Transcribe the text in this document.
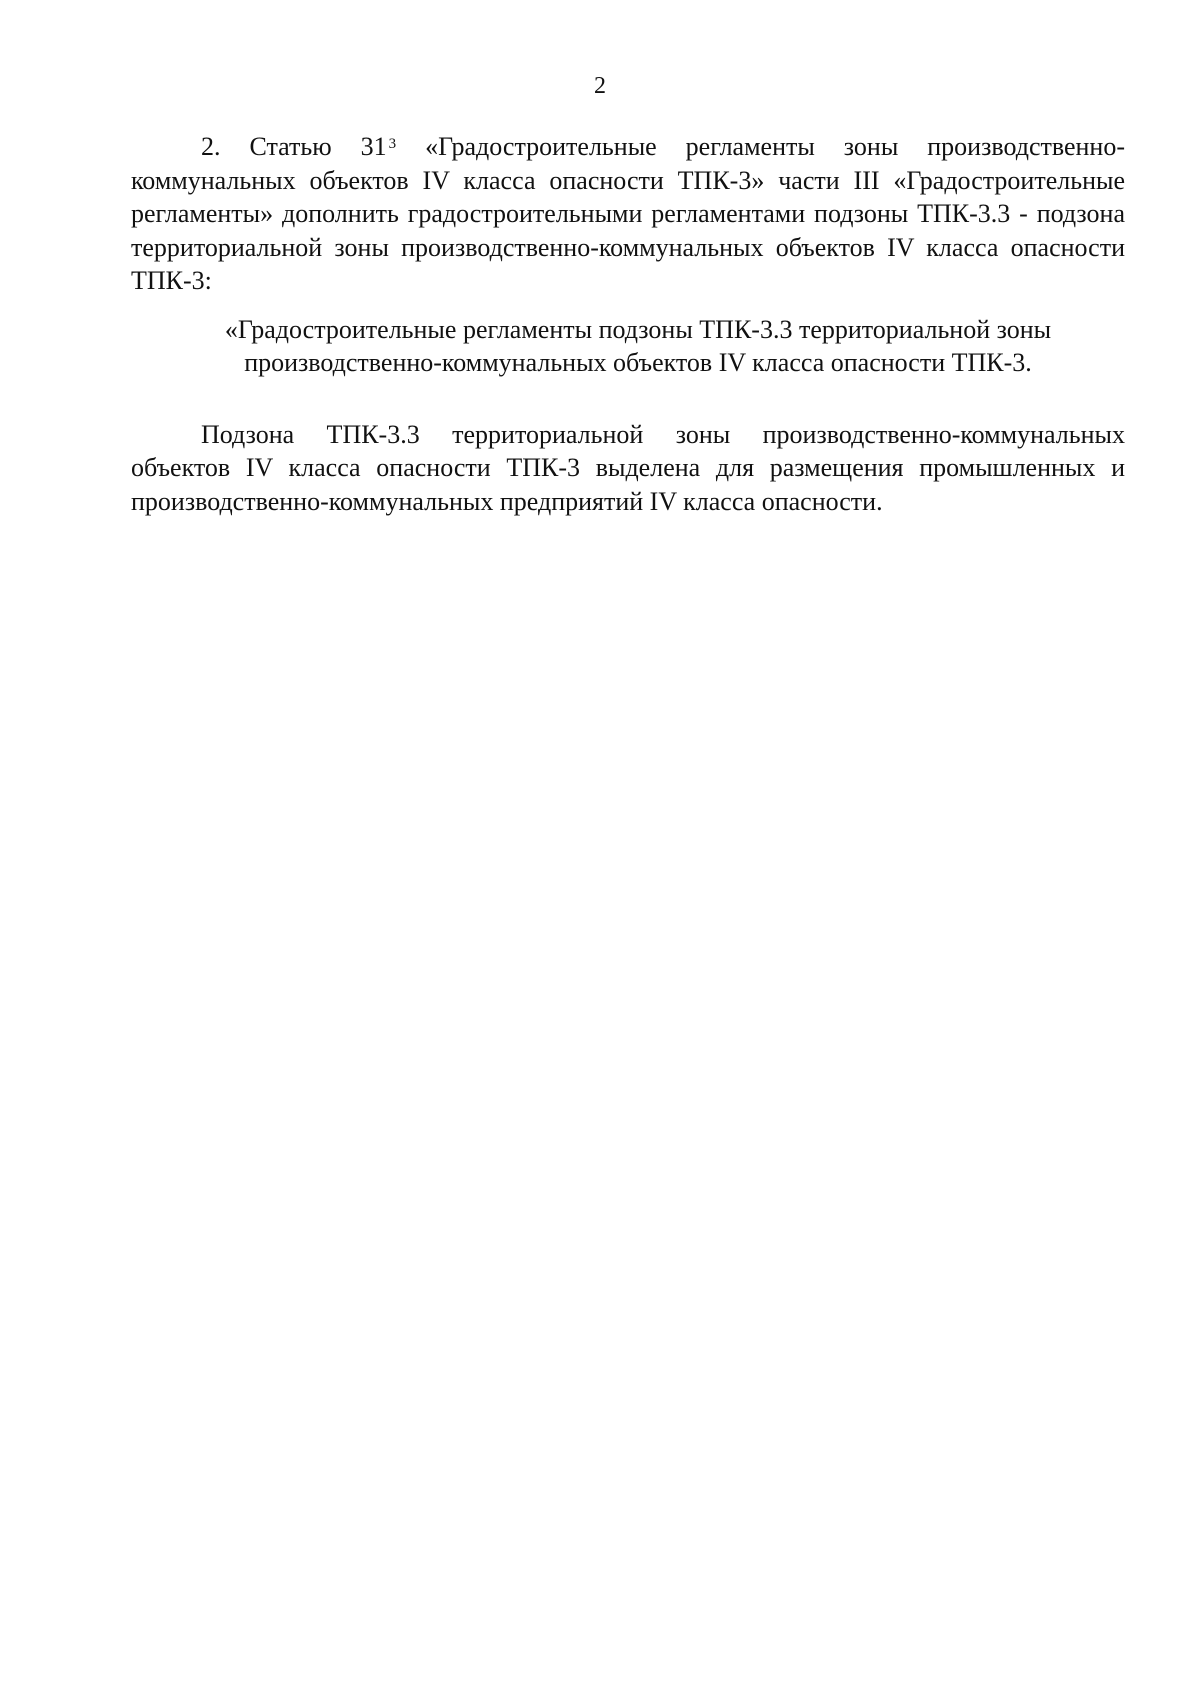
2

2. Статью 31 $^3$ «Градостроительные регламенты зоны производственно-коммунальных объектов IV класса опасности ТПК-3» части III «Градостроительные регламенты» дополнить градостроительными регламентами подзоны ТПК-3.3 - подзона территориальной зоны производственно-коммунальных объектов IV класса опасности ТПК-3:

«Градостроительные регламенты подзоны ТПК-3.3 территориальной зоны производственно-коммунальных объектов IV класса опасности ТПК-3.

Подзона ТПК-3.3 территориальной зоны производственно-коммунальных объектов IV класса опасности ТПК-3 выделена для размещения промышленных и производственно-коммунальных предприятий IV класса опасности.
